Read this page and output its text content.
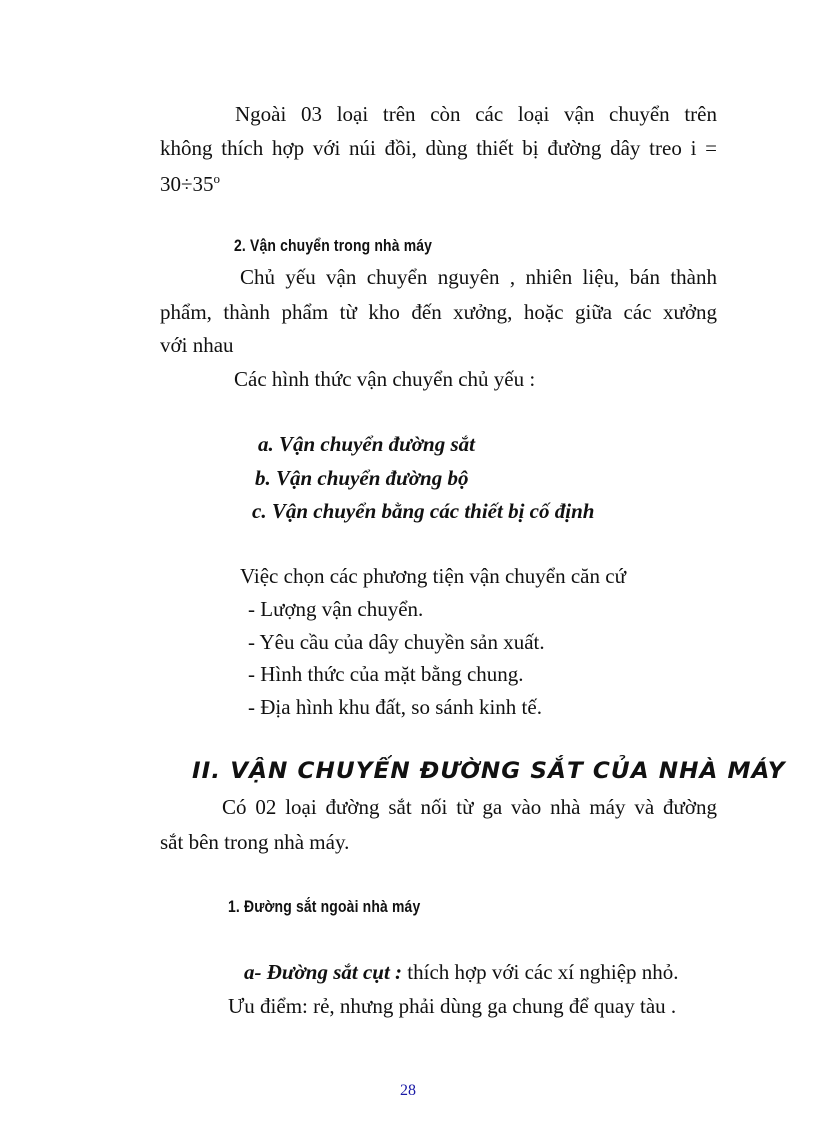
Ngoài 03 loại trên còn các loại vận chuyển trên
không thích hợp với núi đồi, dùng thiết bị đường dây treo i =
$30\div 35^o$
2. Vận chuyển trong nhà máy
Chủ yếu vận chuyển nguyên , nhiên liệu, bán thành
phẩm, thành phẩm từ kho đến xưởng, hoặc giữa các xưởng
với nhau
Các hình thức vận chuyển chủ yếu :
a. Vận chuyển đường sắt
b. Vận chuyển đường bộ
c. Vận chuyển bằng các thiết bị cố định
Việc chọn các phương tiện vận chuyển căn cứ
- Lượng vận chuyển.
- Yêu cầu của dây chuyền sản xuất.
- Hình thức của mặt bằng chung.
- Địa hình khu đất, so sánh kinh tế.
II. VẬN CHUYỂN ĐƯỜNG SẮT CỦA NHÀ MÁY
Có 02 loại đường sắt nối từ ga vào nhà máy và đường
sắt bên trong nhà máy.
1. Đường sắt ngoài nhà máy
a- Đường sắt cụt : thích hợp với các xí nghiệp nhỏ.
Ưu điểm: rẻ, nhưng phải dùng ga chung để quay tàu .
28
